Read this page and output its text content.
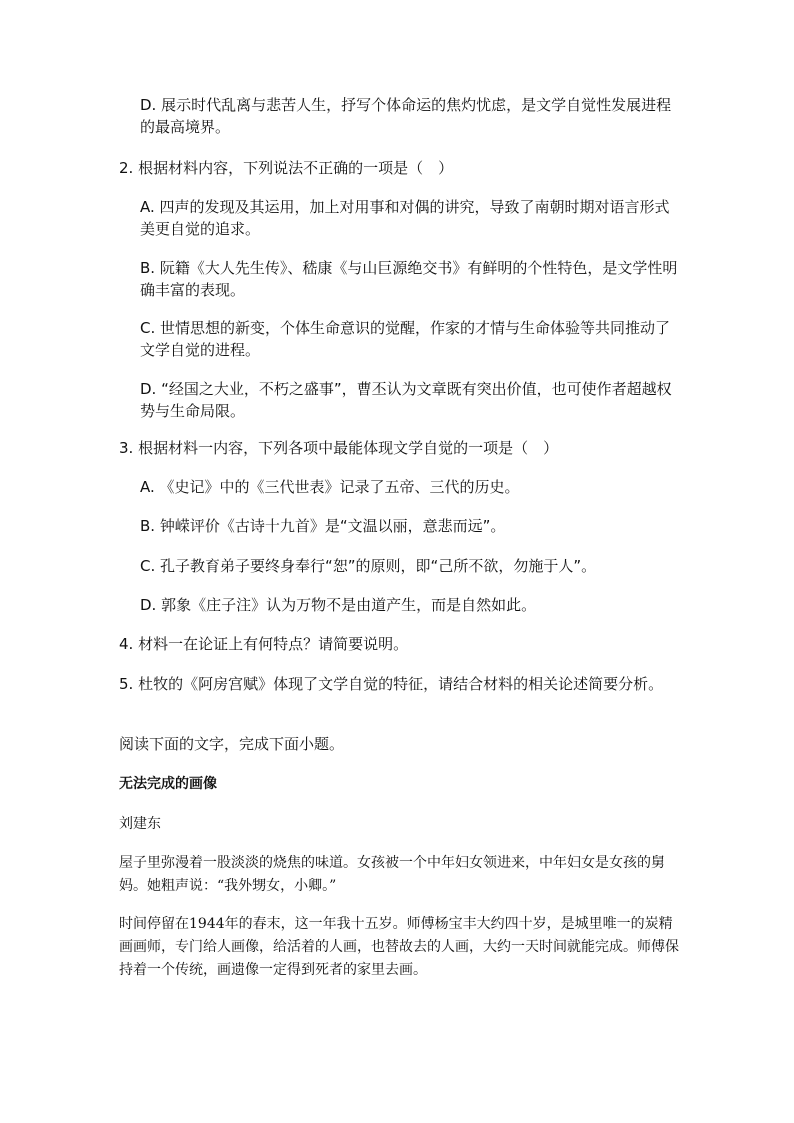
D. 展示时代乱离与悲苦人生，抒写个体命运的焦灼忧虑，是文学自觉性发展进程的最高境界。

2. 根据材料内容，下列说法不正确的一项是（　）

A. 四声的发现及其运用，加上对用事和对偶的讲究，导致了南朝时期对语言形式美更自觉的追求。

B. 阮籍《大人先生传》、嵇康《与山巨源绝交书》有鲜明的个性特色，是文学性明确丰富的表现。

C. 世情思想的新变，个体生命意识的觉醒，作家的才情与生命体验等共同推动了文学自觉的进程。

D. “经国之大业，不朽之盛事”，曹丕认为文章既有突出价值，也可使作者超越权势与生命局限。

3. 根据材料一内容，下列各项中最能体现文学自觉的一项是（　）

A. 《史记》中的《三代世表》记录了五帝、三代的历史。

B. 钟嵘评价《古诗十九首》是“文温以丽，意悲而远”。

C. 孔子教育弟子要终身奉行“恕”的原则，即“己所不欲，勿施于人”。

D. 郭象《庄子注》认为万物不是由道产生，而是自然如此。

4. 材料一在论证上有何特点？请简要说明。

5. 杜牧的《阿房宫赋》体现了文学自觉的特征，请结合材料的相关论述简要分析。

阅读下面的文字，完成下面小题。

无法完成的画像

刘建东

屋子里弥漫着一股淡淡的烧焦的味道。女孩被一个中年妇女领进来，中年妇女是女孩的舅妈。她粗声说：“我外甥女，小卿。”

时间停留在1944年的春末，这一年我十五岁。师傅杨宝丰大约四十岁，是城里唯一的炭精画画师，专门给人画像，给活着的人画，也替故去的人画，大约一天时间就能完成。师傅保持着一个传统，画遗像一定得到死者的家里去画。
